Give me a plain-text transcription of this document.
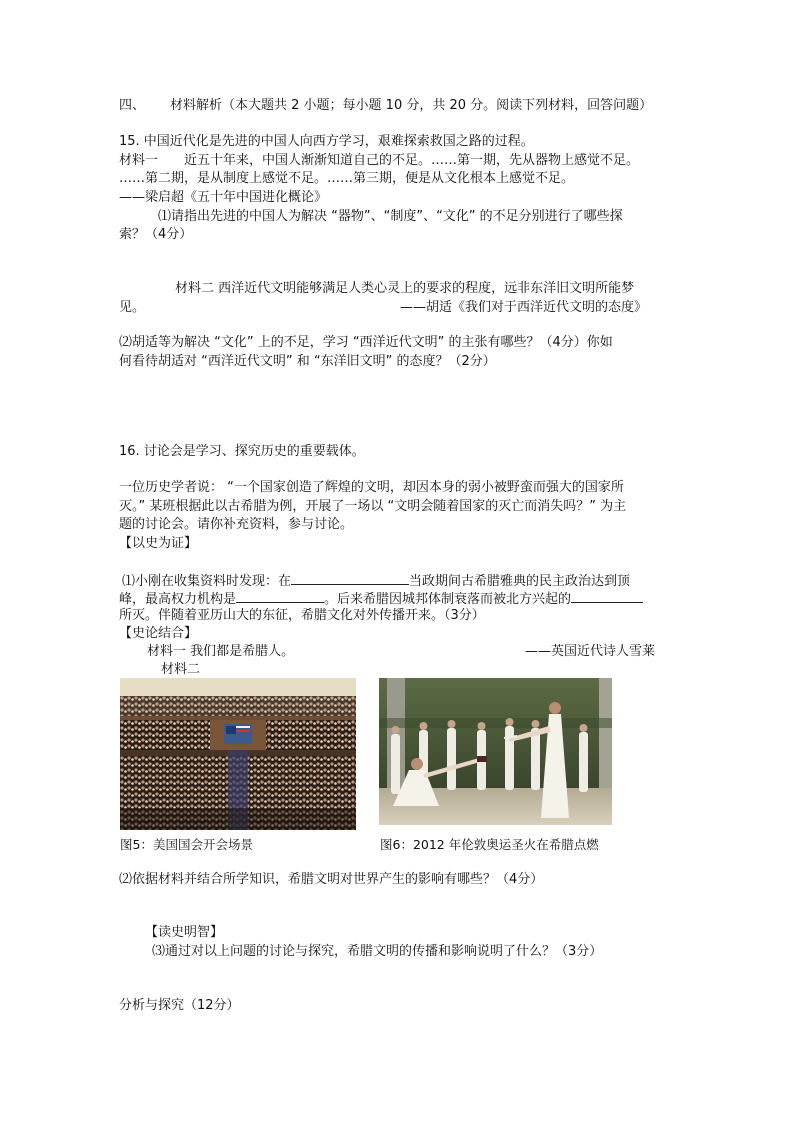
四、 材料解析（本大题共 2 小题；每小题 10 分，共 20 分。阅读下列材料，回答问题）
15. 中国近代化是先进的中国人向西方学习，艰难探索救国之路的过程。
材料一　　近五十年来，中国人渐渐知道自己的不足。……第一期，先从器物上感觉不足。
……第二期，是从制度上感觉不足。……第三期，便是从文化根本上感觉不足。
——梁启超《五十年中国进化概论》
⑴请指出先进的中国人为解决 “器物”、“制度”、“文化” 的不足分别进行了哪些探
索？（4分）
材料二 西洋近代文明能够满足人类心灵上的要求的程度，远非东洋旧文明所能梦
见。	——胡适《我们对于西洋近代文明的态度》
⑵胡适等为解决 “文化” 上的不足，学习 “西洋近代文明” 的主张有哪些？（4分）你如
何看待胡适对 “西洋近代文明” 和 “东洋旧文明” 的态度？（2分）
16. 讨论会是学习、探究历史的重要载体。
一位历史学者说： “一个国家创造了辉煌的文明，却因本身的弱小被野蛮而强大的国家所
灭。” 某班根据此以古希腊为例，开展了一场以 “文明会随着国家的灭亡而消失吗？” 为主
题的讨论会。请你补充资料，参与讨论。
【以史为证】
⑴小刚在收集资料时发现：在	当政期间古希腊雅典的民主政治达到顶
峰，最高权力机构是	。后来希腊因城邦体制衰落而被北方兴起的
所灭。伴随着亚历山大的东征，希腊文化对外传播开来。（3分）
【史论结合】
材料一 我们都是希腊人。	——英国近代诗人雪莱
材料二
图5：美国国会开会场景	图6：2012 年伦敦奥运圣火在希腊点燃
⑵依据材料并结合所学知识，希腊文明对世界产生的影响有哪些？（4分）
【读史明智】
⑶通过对以上问题的讨论与探究，希腊文明的传播和影响说明了什么？（3分）
分析与探究（12分）
